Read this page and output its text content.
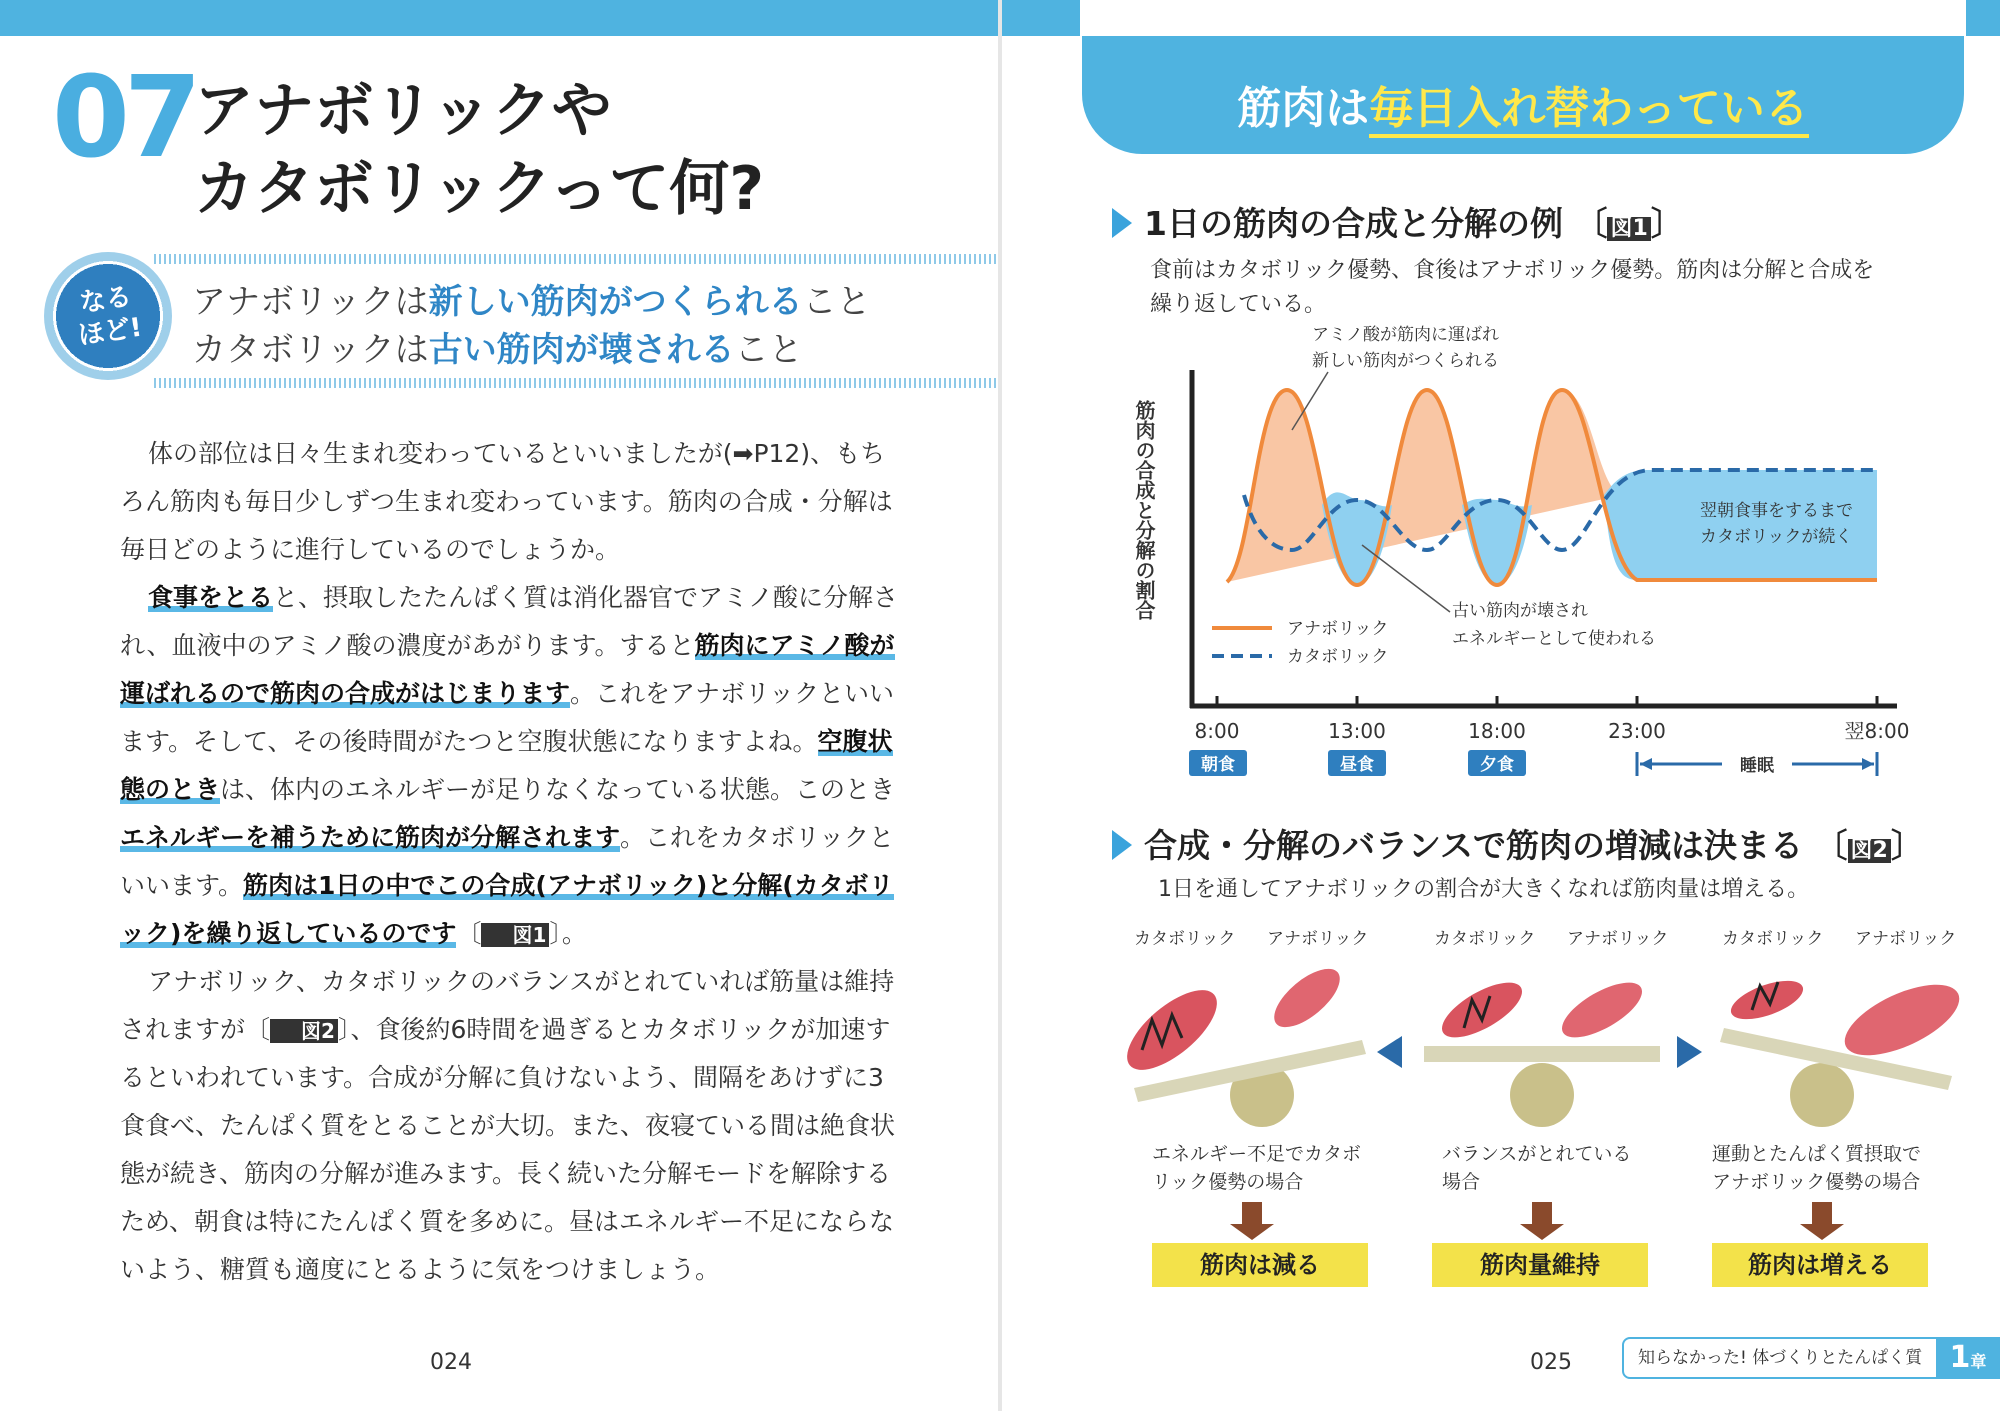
07
アナボリックや
カタボリックって何?
なる
ほど!
アナボリックは新しい筋肉がつくられること
カタボリックは古い筋肉が壊されること

体の部位は日々生まれ変わっているといいましたが(➡P12)、もちろん筋肉も毎日少しずつ生まれ変わっています。筋肉の合成・分解は毎日どのように進行しているのでしょうか。

食事をとると、摂取したたんぱく質は消化器官でアミノ酸に分解され、血液中のアミノ酸の濃度があがります。すると筋肉にアミノ酸が運ばれるので筋肉の合成がはじまります。これをアナボリックといいます。そして、その後時間がたつと空腹状態になりますよね。空腹状態のときは、体内のエネルギーが足りなくなっている状態。このときエネルギーを補うために筋肉が分解されます。これをカタボリックといいます。筋肉は1日の中でこの合成(アナボリック)と分解(カタボリック)を繰り返しているのです〔 図1 〕。

アナボリック、カタボリックのバランスがとれていれば筋量は維持されますが〔 図2 〕、食後約6時間を過ぎるとカタボリックが加速するといわれています。合成が分解に負けないよう、間隔をあけずに3食食べ、たんぱく質をとることが大切。また、夜寝ている間は絶食状態が続き、筋肉の分解が進みます。長く続いた分解モードを解除するため、朝食は特にたんぱく質を多めに。昼はエネルギー不足にならないよう、糖質も適度にとるように気をつけましょう。

024
筋肉は毎日入れ替わっている
1日の筋肉の合成と分解の例 〔 図1〕
食前はカタボリック優勢、食後はアナボリック優勢。筋肉は分解と合成を
繰り返している。
筋肉の合成と分解の割合
アミノ酸が筋肉に運ばれ
新しい筋肉がつくられる
翌朝食事をするまで
カタボリックが続く
古い筋肉が壊され
エネルギーとして使われる
アナボリック
カタボリック
8:00	13:00	18:00	23:00	翌8:00
朝食	昼食	夕食	睡眠
合成・分解のバランスで筋肉の増減は決まる 〔 図2〕
1日を通してアナボリックの割合が大きくなれば筋肉量は増える。
カタボリック アナボリック
エネルギー不足でカタボ
リック優勢の場合
カタボリック アナボリック
バランスがとれている
場合
カタボリック アナボリック
運動とたんぱく質摂取で
アナボリック優勢の場合
筋肉は減る	筋肉量維持	筋肉は増える
025	知らなかった! 体づくりとたんぱく質 1章
